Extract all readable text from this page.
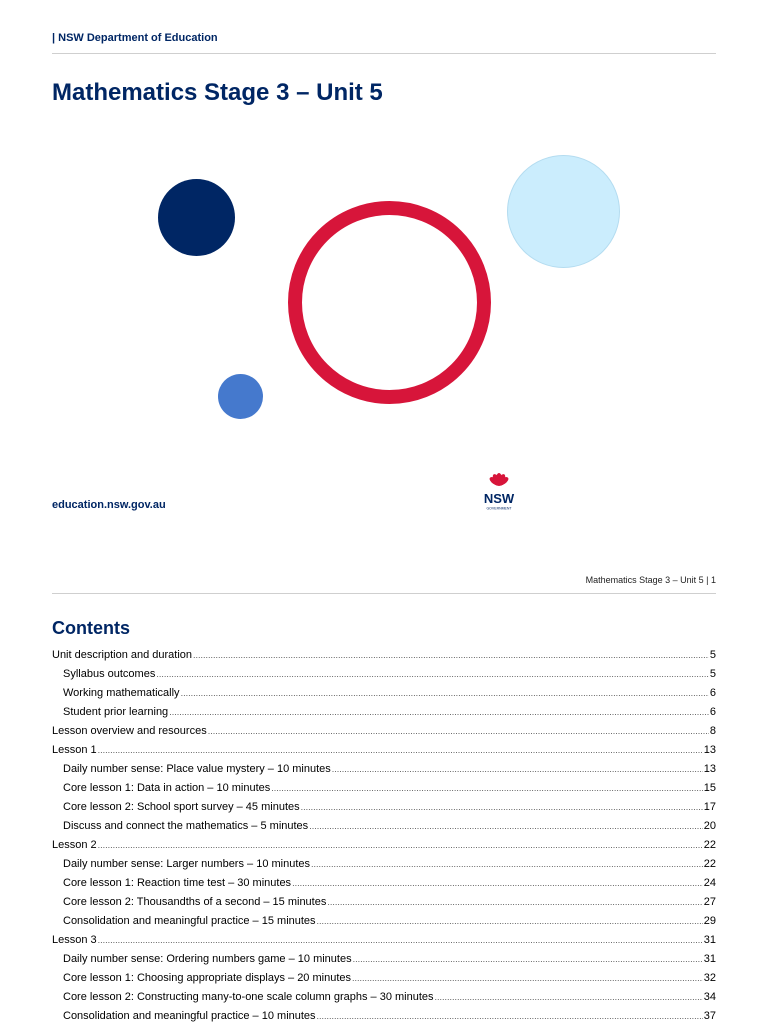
| NSW Department of Education
Mathematics Stage 3 – Unit 5
education.nsw.gov.au	NSW
GOVERNMENT
Mathematics Stage 3 – Unit 5 | 1
Contents
Unit description and duration .....	5
Syllabus outcomes .....	5
Working mathematically .....	6
Student prior learning .....	6
Lesson overview and resources .....	8
Lesson 1 .....	13
Daily number sense: Place value mystery – 10 minutes .....	13
Core lesson 1: Data in action – 10 minutes .....	15
Core lesson 2: School sport survey – 45 minutes .....	17
Discuss and connect the mathematics – 5 minutes .....	20
Lesson 2 .....	22
Daily number sense: Larger numbers – 10 minutes .....	22
Core lesson 1: Reaction time test – 30 minutes .....	24
Core lesson 2: Thousandths of a second – 15 minutes .....	27
Consolidation and meaningful practice – 15 minutes .....	29
Lesson 3 .....	31
Daily number sense: Ordering numbers game – 10 minutes .....	31
Core lesson 1: Choosing appropriate displays – 20 minutes .....	32
Core lesson 2: Constructing many-to-one scale column graphs – 30 minutes .....	34
Consolidation and meaningful practice – 10 minutes .....	37
